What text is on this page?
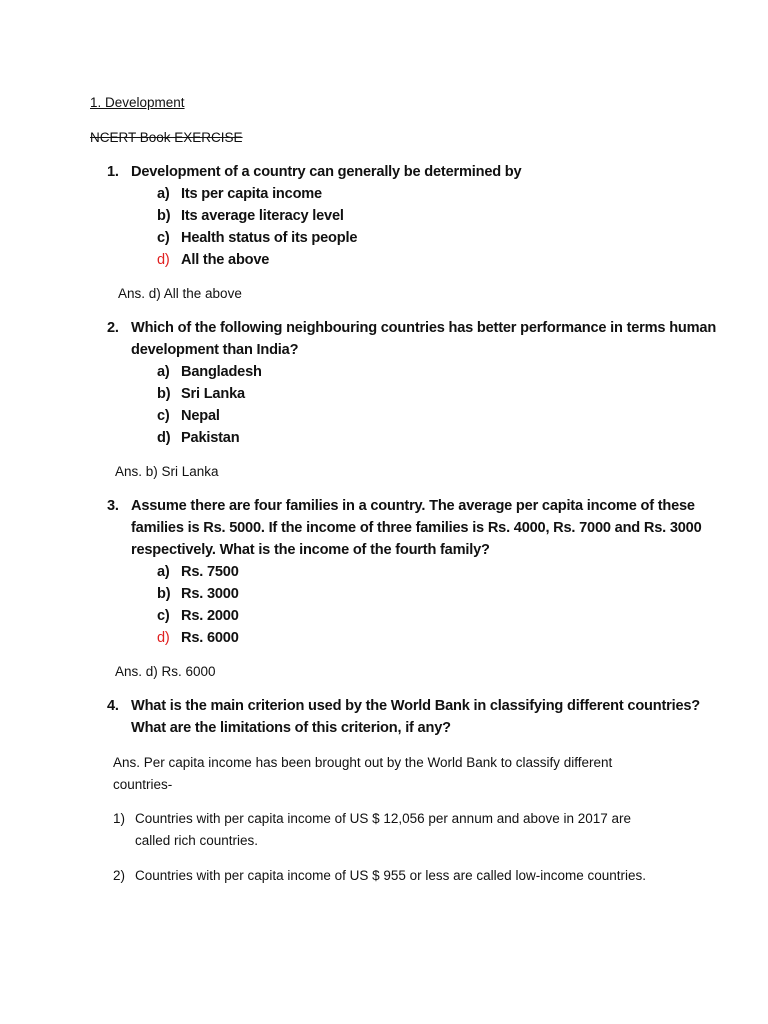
1. Development
NCERT Book EXERCISE
1. Development of a country can generally be determined by
a) Its per capita income
b) Its average literacy level
c) Health status of its people
d) All the above
Ans. d) All the above
2. Which of the following neighbouring countries has better performance in terms human
development than India?
a) Bangladesh
b) Sri Lanka
c) Nepal
d) Pakistan
Ans. b) Sri Lanka
3. Assume there are four families in a country. The average per capita income of these
families is Rs. 5000. If the income of three families is Rs. 4000, Rs. 7000 and Rs. 3000
respectively. What is the income of the fourth family?
a) Rs. 7500
b) Rs. 3000
c) Rs. 2000
d) Rs. 6000
Ans. d) Rs. 6000
4. What is the main criterion used by the World Bank in classifying different countries?
What are the limitations of this criterion, if any?
Ans. Per capita income has been brought out by the World Bank to classify different
countries-
1) Countries with per capita income of US $ 12,056 per annum and above in 2017 are
called rich countries.
2) Countries with per capita income of US $ 955 or less are called low-income countries.
